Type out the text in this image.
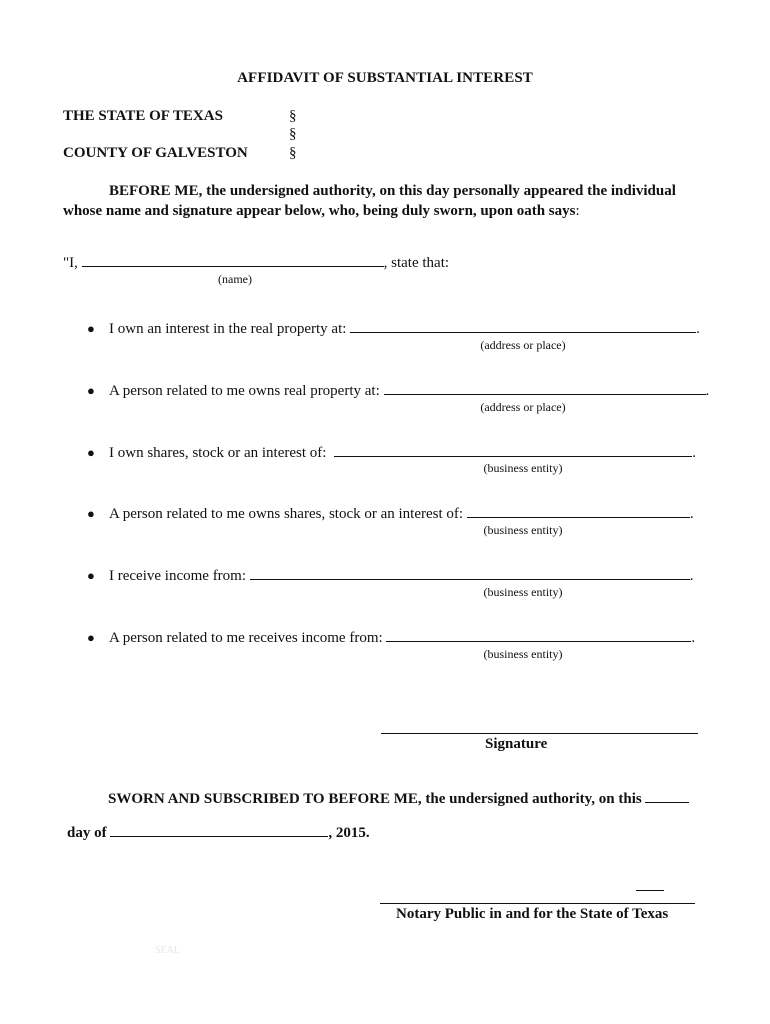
AFFIDAVIT OF SUBSTANTIAL INTEREST
THE STATE OF TEXAS	§
§
COUNTY OF GALVESTON	§
BEFORE ME, the undersigned authority, on this day personally appeared the individual whose name and signature appear below, who, being duly sworn, upon oath says:
"I,	, state that:
(name)
● I own an interest in the real property at:	.
(address or place)
● A person related to me owns real property at:	.
(address or place)
● I own shares, stock or an interest of:	.
(business entity)
● A person related to me owns shares, stock or an interest of:	.
(business entity)
● I receive income from:	.
(business entity)
● A person related to me receives income from:	.
(business entity)
Signature
SWORN AND SUBSCRIBED TO BEFORE ME, the undersigned authority, on this
day of	, 2015.
Notary Public in and for the State of Texas
SEAL
